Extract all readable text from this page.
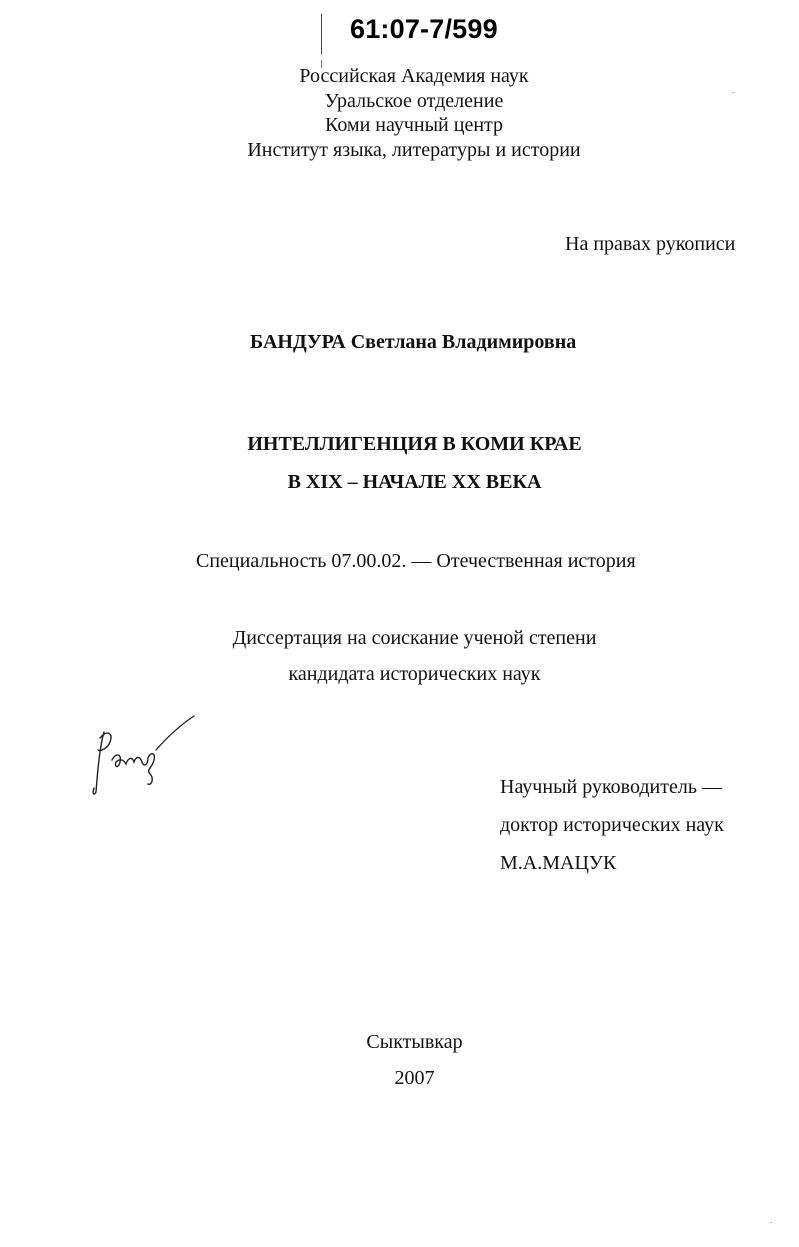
61:07-7/599
Российская Академия наук
Уральское отделение
Коми научный центр
Институт языка, литературы и истории
На правах рукописи
БАНДУРА Светлана Владимировна
ИНТЕЛЛИГЕНЦИЯ В КОМИ КРАЕ
В XIX – НАЧАЛЕ XX ВЕКА
Специальность 07.00.02. — Отечественная история
Диссертация на соискание ученой степени
кандидата исторических наук
Научный руководитель —
доктор исторических наук
М.А.МАЦУК
Сыктывкар
2007
